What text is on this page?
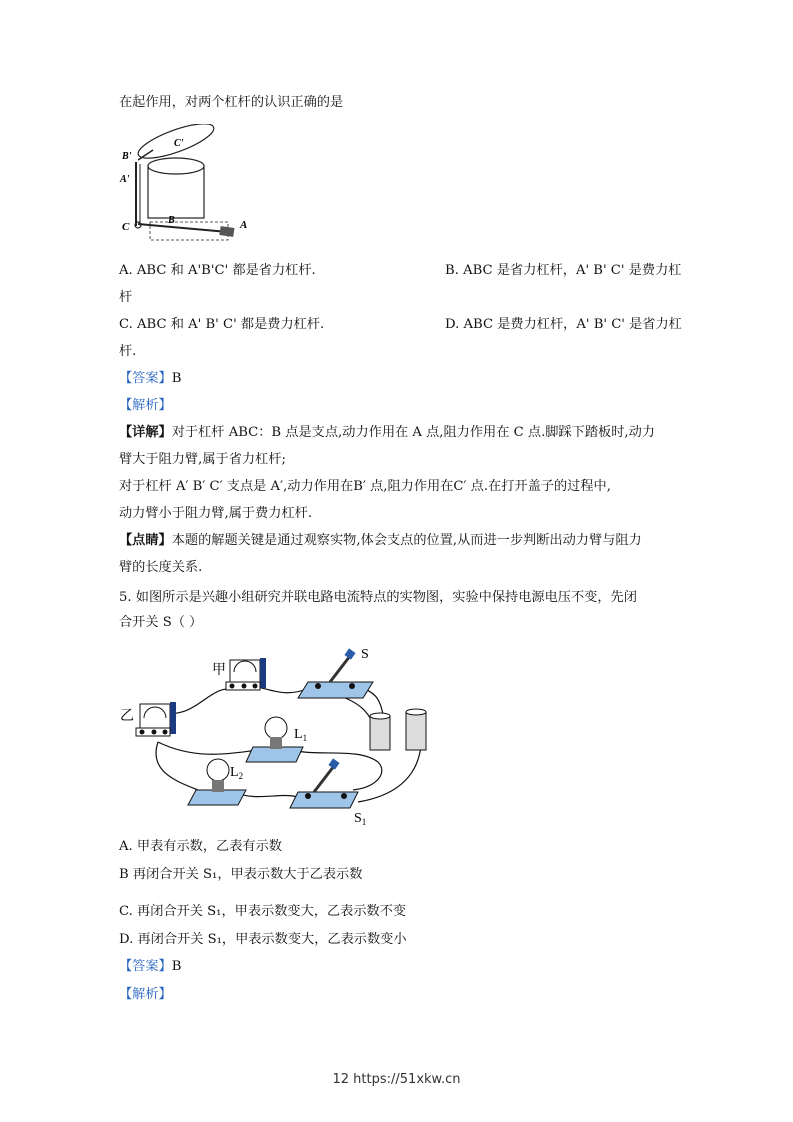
在起作用，对两个杠杆的认识正确的是
C'
B'
A'
C
B	A
A. ABC 和 A'B'C' 都是省力杠杆.	B. ABC 是省力杠杆，A' B' C' 是费力杠
杆
C. ABC 和 A' B' C' 都是费力杠杆.	D. ABC 是费力杠杆，A' B' C' 是省力杠
杆.
【答案】B
【解析】
【详解】对于杠杆 ABC：B 点是支点,动力作用在 A 点,阻力作用在 C 点.脚踩下踏板时,动力
臂大于阻力臂,属于省力杠杆;
对于杠杆 A′ B′ C′ 支点是 A′,动力作用在B′ 点,阻力作用在C′ 点.在打开盖子的过程中,
动力臂小于阻力臂,属于费力杠杆.
【点睛】本题的解题关键是通过观察实物,体会支点的位置,从而进一步判断出动力臂与阻力
臂的长度关系.
5. 如图所示是兴趣小组研究并联电路电流特点的实物图，实验中保持电源电压不变，先闭
合开关 S（ ）
甲
乙
S
$L_1$
$L_2$
$S_1$
A. 甲表有示数，乙表有示数
B 再闭合开关 S₁，甲表示数大于乙表示数
C. 再闭合开关 S₁，甲表示数变大，乙表示数不变
D. 再闭合开关 S₁，甲表示数变大，乙表示数变小
【答案】B
【解析】
12 https://51xkw.cn
